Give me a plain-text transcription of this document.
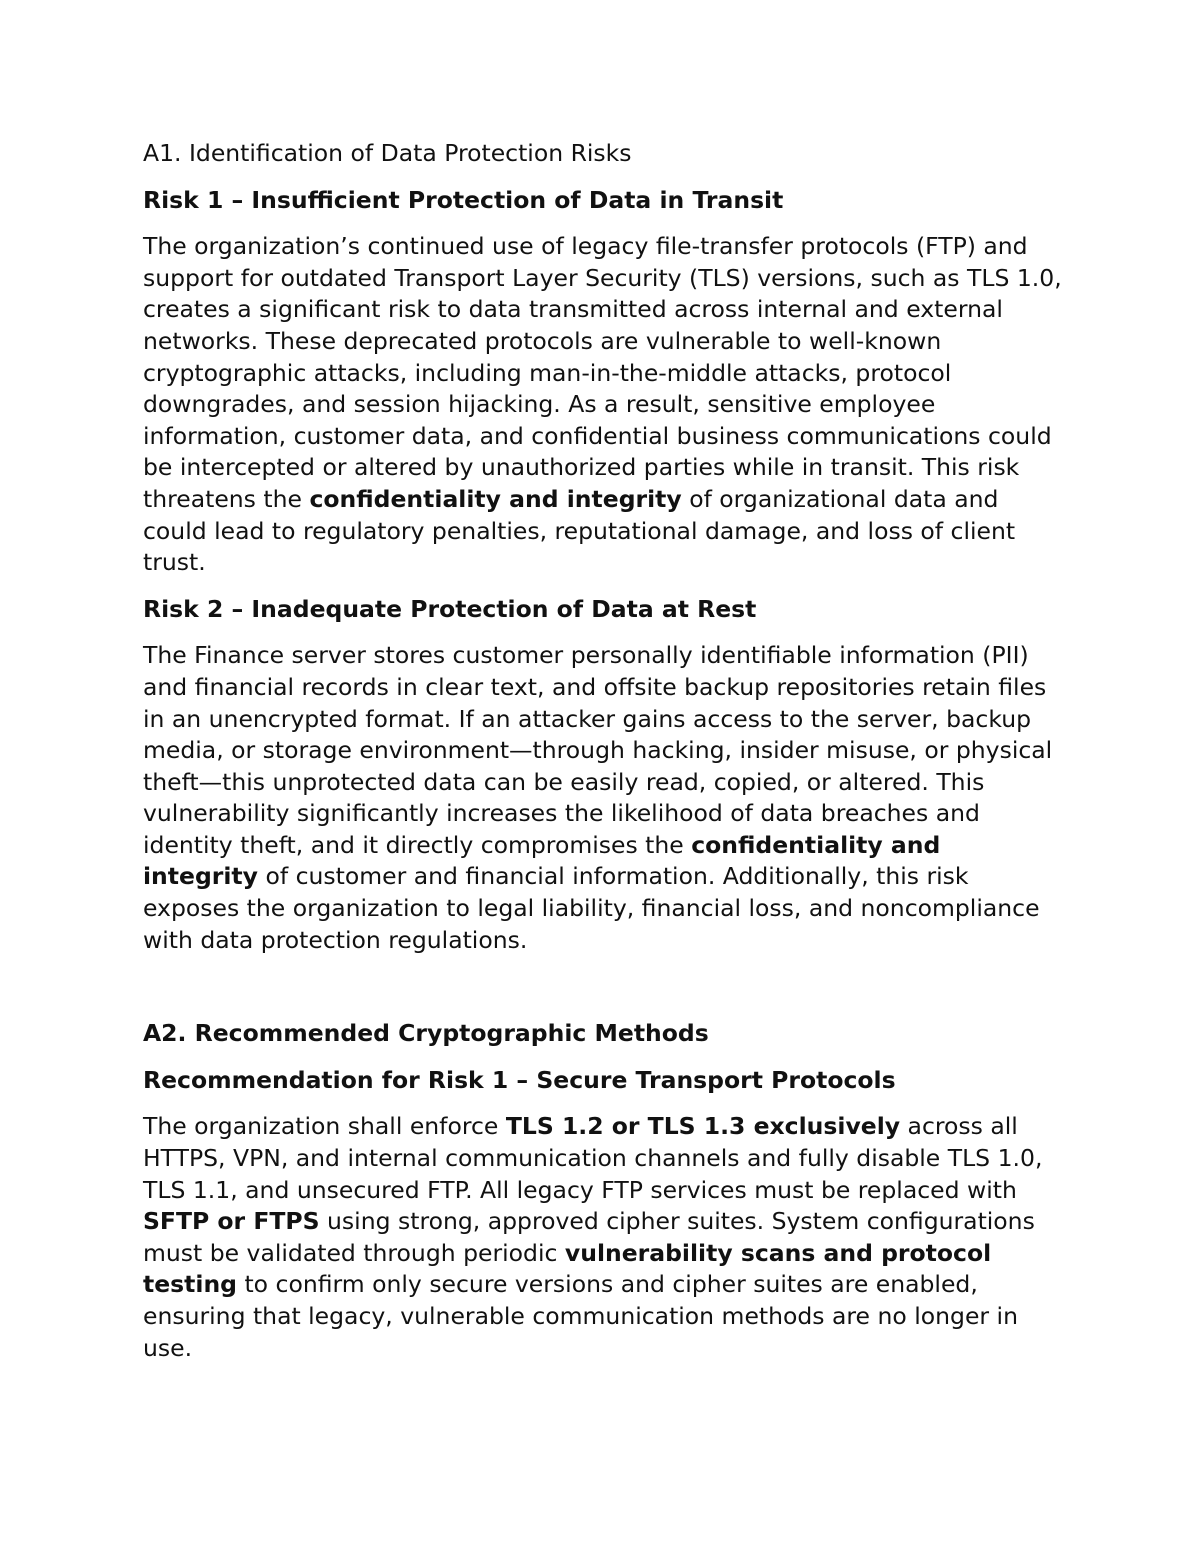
A1. Identification of Data Protection Risks

Risk 1 – Insufficient Protection of Data in Transit

The organization’s continued use of legacy file-transfer protocols (FTP) and support for outdated Transport Layer Security (TLS) versions, such as TLS 1.0, creates a significant risk to data transmitted across internal and external networks. These deprecated protocols are vulnerable to well-known cryptographic attacks, including man-in-the-middle attacks, protocol downgrades, and session hijacking. As a result, sensitive employee information, customer data, and confidential business communications could be intercepted or altered by unauthorized parties while in transit. This risk threatens the confidentiality and integrity of organizational data and could lead to regulatory penalties, reputational damage, and loss of client trust.

Risk 2 – Inadequate Protection of Data at Rest

The Finance server stores customer personally identifiable information (PII) and financial records in clear text, and offsite backup repositories retain files in an unencrypted format. If an attacker gains access to the server, backup media, or storage environment—through hacking, insider misuse, or physical theft—this unprotected data can be easily read, copied, or altered. This vulnerability significantly increases the likelihood of data breaches and identity theft, and it directly compromises the confidentiality and integrity of customer and financial information. Additionally, this risk exposes the organization to legal liability, financial loss, and noncompliance with data protection regulations.

A2. Recommended Cryptographic Methods

Recommendation for Risk 1 – Secure Transport Protocols

The organization shall enforce TLS 1.2 or TLS 1.3 exclusively across all HTTPS, VPN, and internal communication channels and fully disable TLS 1.0, TLS 1.1, and unsecured FTP. All legacy FTP services must be replaced with SFTP or FTPS using strong, approved cipher suites. System configurations must be validated through periodic vulnerability scans and protocol testing to confirm only secure versions and cipher suites are enabled, ensuring that legacy, vulnerable communication methods are no longer in use.
